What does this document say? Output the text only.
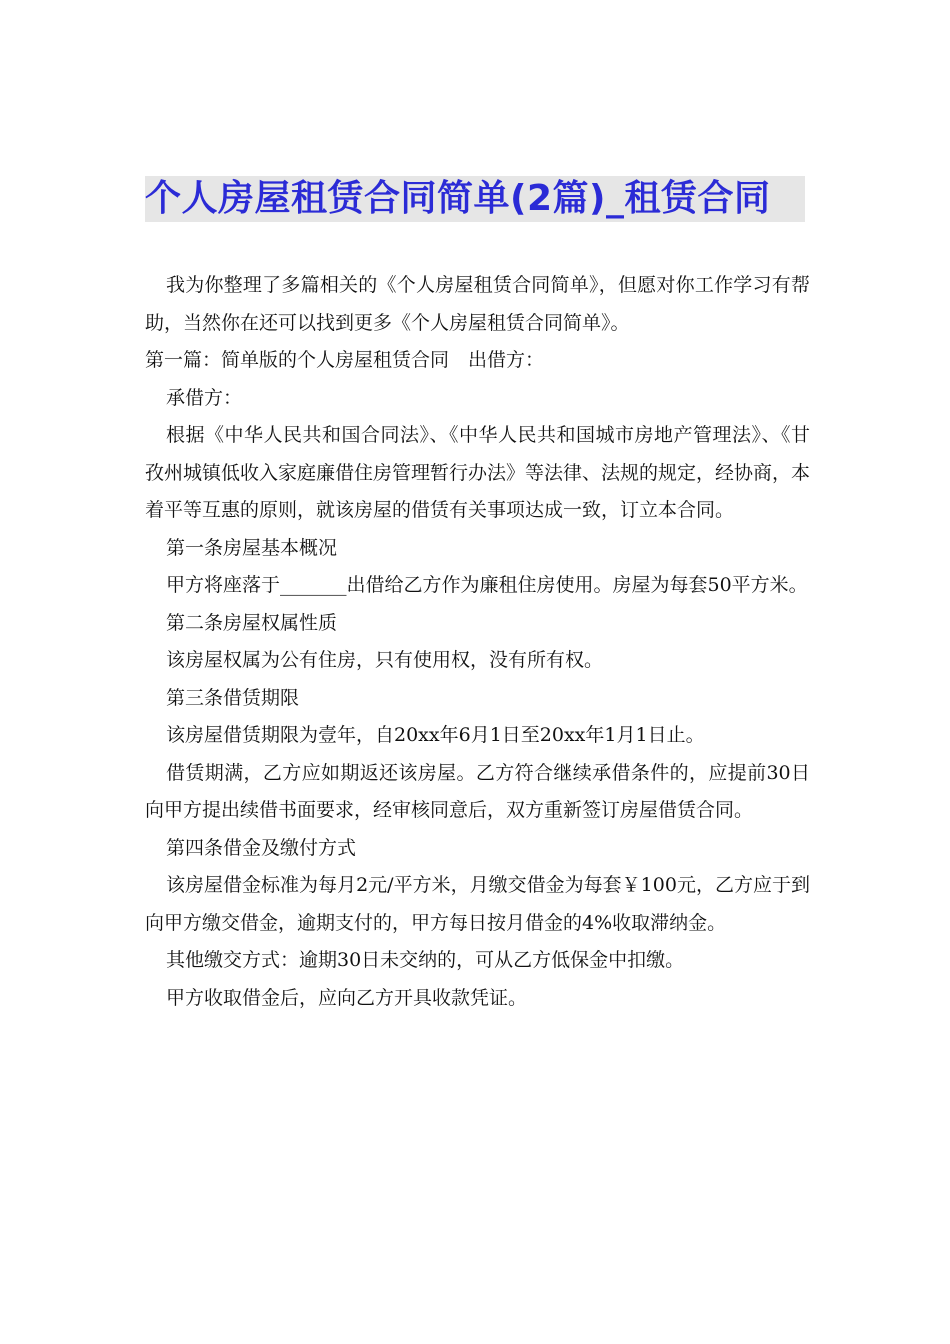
个人房屋租赁合同简单(2篇)_租赁合同

我为你整理了多篇相关的《个人房屋租赁合同简单》，但愿对你工作学习有帮助，当然你在还可以找到更多《个人房屋租赁合同简单》。

第一篇：简单版的个人房屋租赁合同　出借方：

承借方：

根据《中华人民共和国合同法》、《中华人民共和国城市房地产管理法》、《甘孜州城镇低收入家庭廉借住房管理暂行办法》等法律、法规的规定，经协商，本着平等互惠的原则，就该房屋的借赁有关事项达成一致，订立本合同。

第一条房屋基本概况

甲方将座落于_______出借给乙方作为廉租住房使用。房屋为每套50平方米。

第二条房屋权属性质

该房屋权属为公有住房，只有使用权，没有所有权。

第三条借赁期限

该房屋借赁期限为壹年，自20xx年6月1日至20xx年1月1日止。

借赁期满，乙方应如期返还该房屋。乙方符合继续承借条件的，应提前30日向甲方提出续借书面要求，经审核同意后，双方重新签订房屋借赁合同。

第四条借金及缴付方式

该房屋借金标准为每月2元/平方米，月缴交借金为每套￥100元，乙方应于到向甲方缴交借金，逾期支付的，甲方每日按月借金的4%收取滞纳金。

其他缴交方式：逾期30日未交纳的，可从乙方低保金中扣缴。

甲方收取借金后，应向乙方开具收款凭证。
